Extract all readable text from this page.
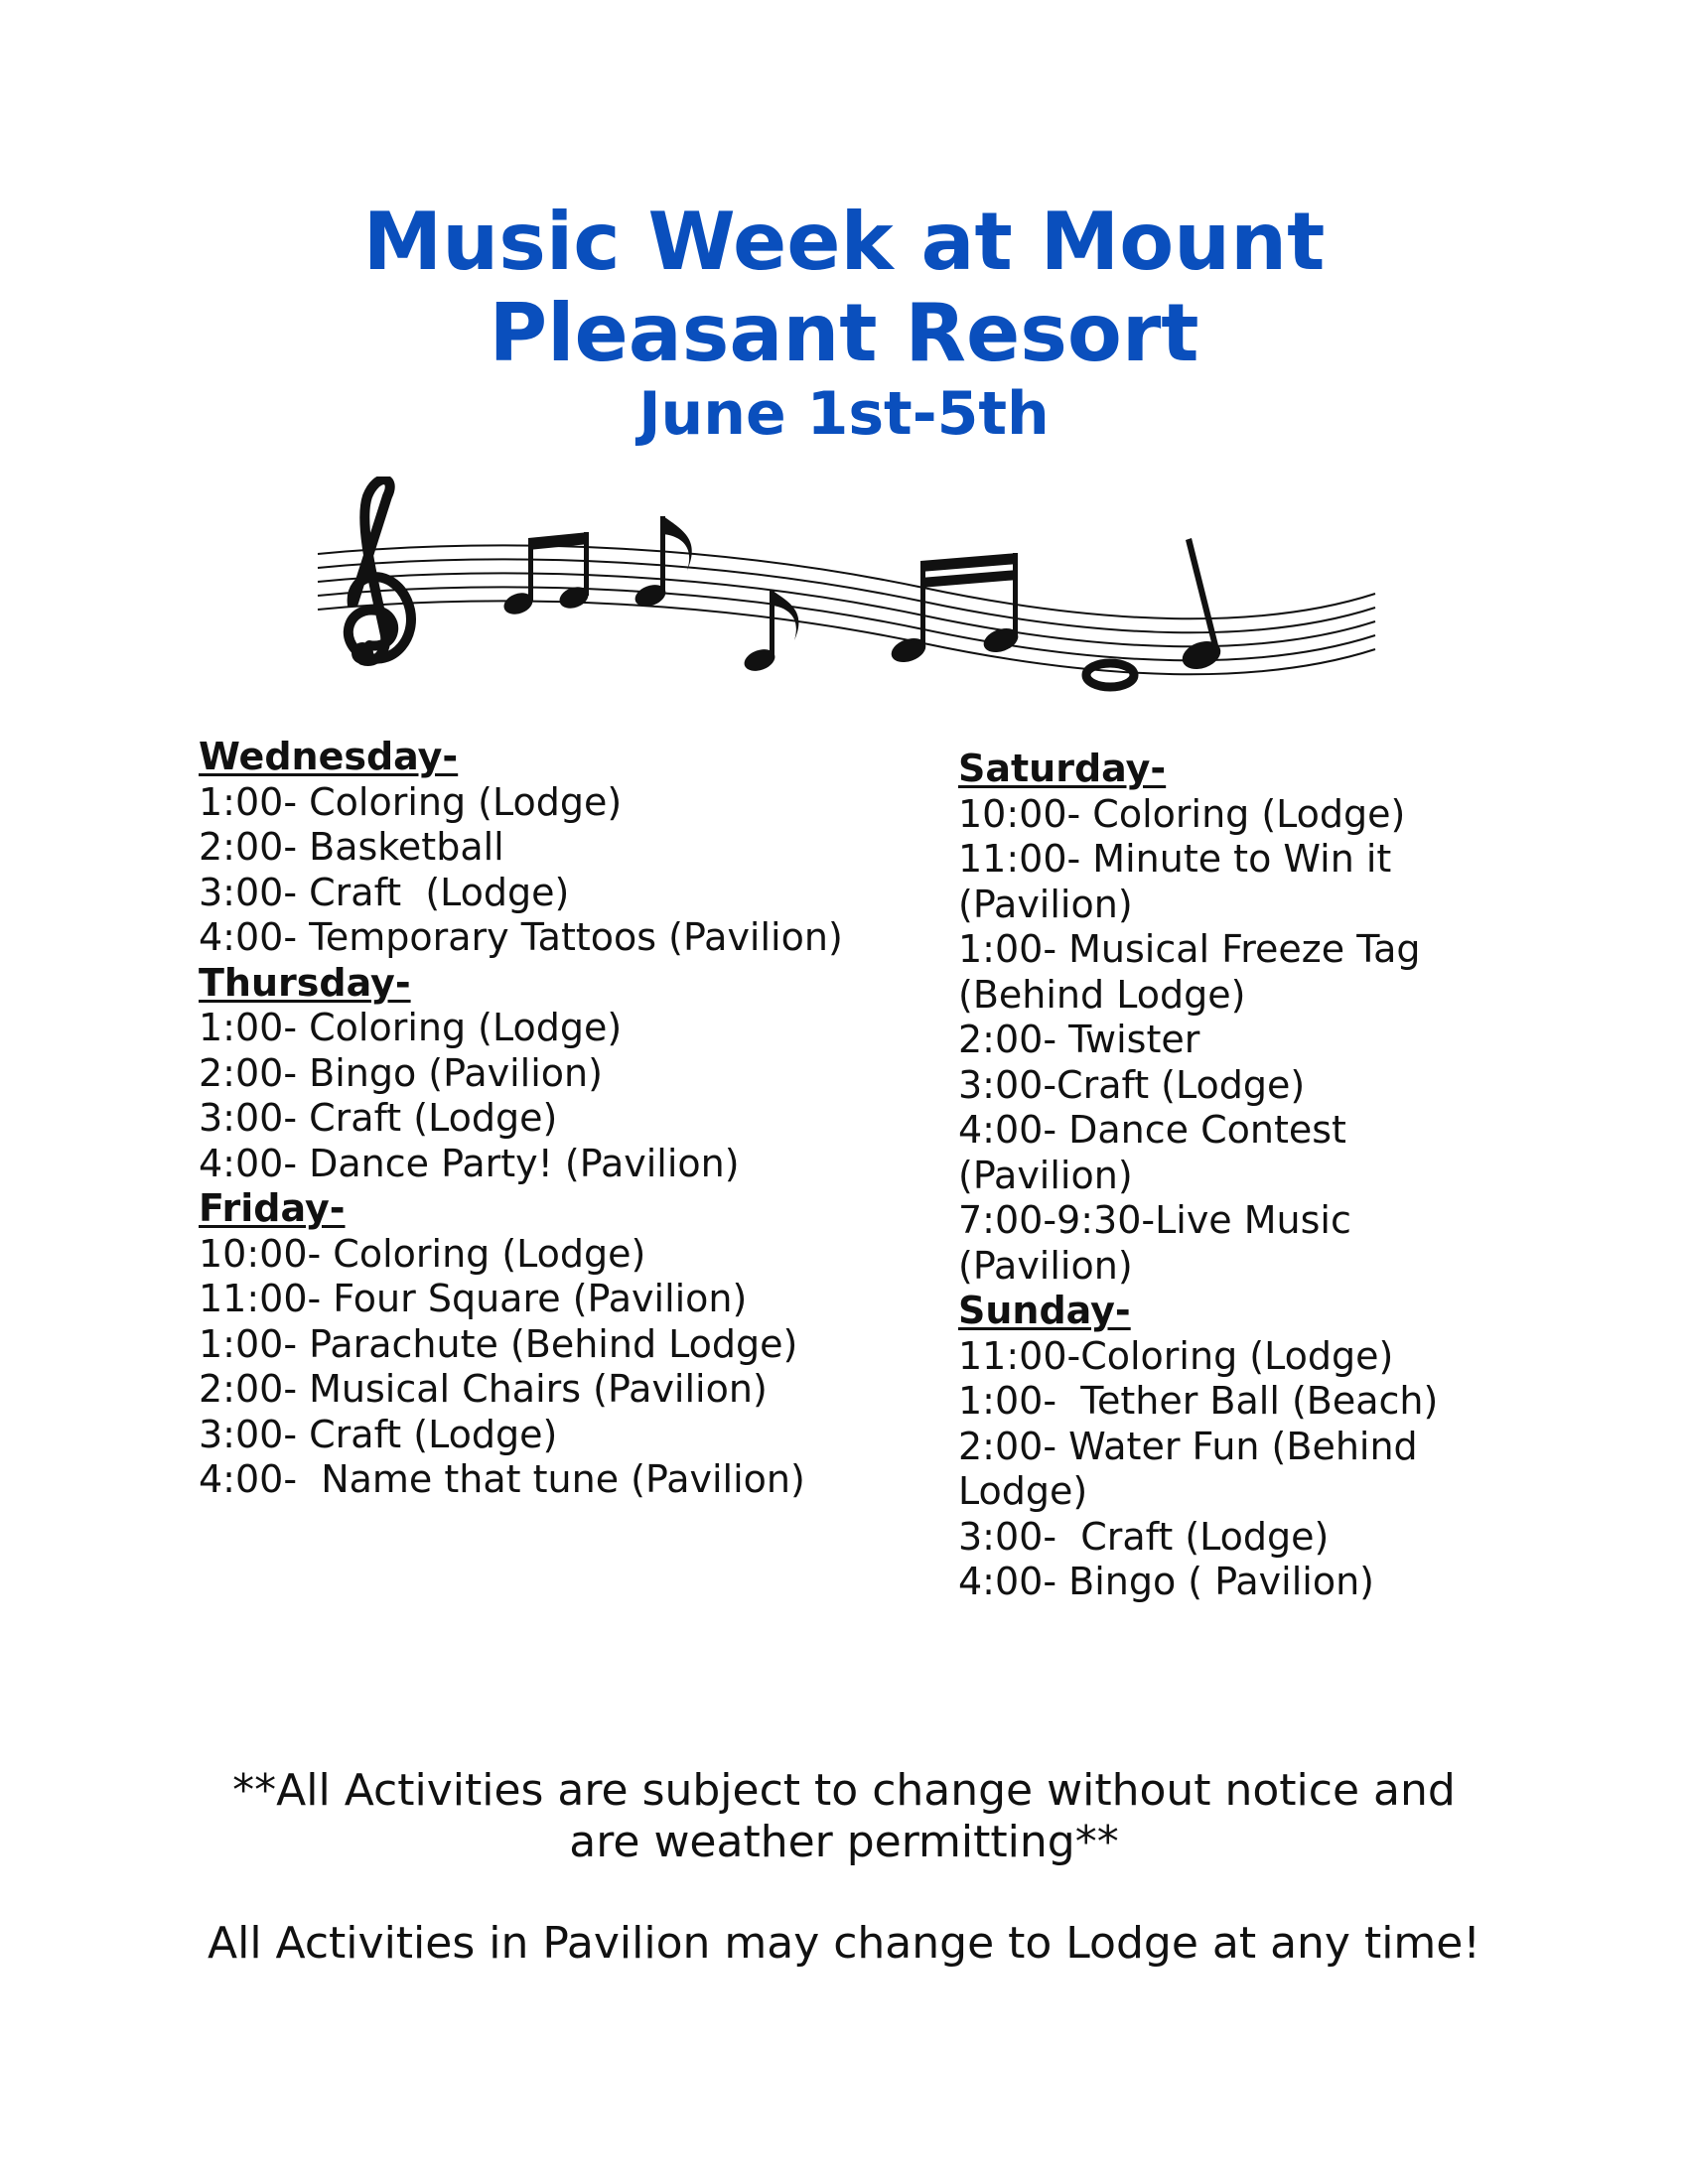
Music Week at Mount
Pleasant Resort
June 1st-5th
Wednesday-
1:00- Coloring (Lodge)
2:00- Basketball
3:00- Craft  (Lodge)
4:00- Temporary Tattoos (Pavilion)
Thursday-
1:00- Coloring (Lodge)
2:00- Bingo (Pavilion)
3:00- Craft (Lodge)
4:00- Dance Party! (Pavilion)
Friday-
10:00- Coloring (Lodge)
11:00- Four Square (Pavilion)
1:00- Parachute (Behind Lodge)
2:00- Musical Chairs (Pavilion)
3:00- Craft (Lodge)
4:00-  Name that tune (Pavilion)
Saturday-
10:00- Coloring (Lodge)
11:00- Minute to Win it (Pavilion)
1:00- Musical Freeze Tag (Behind Lodge)
2:00- Twister
3:00-Craft (Lodge)
4:00- Dance Contest (Pavilion)
7:00-9:30-Live Music (Pavilion)
Sunday-
11:00-Coloring (Lodge)
1:00-  Tether Ball (Beach)
2:00- Water Fun (Behind Lodge)
3:00-  Craft (Lodge)
4:00- Bingo ( Pavilion)

**All Activities are subject to change without notice and are weather permitting**

All Activities in Pavilion may change to Lodge at any time!
